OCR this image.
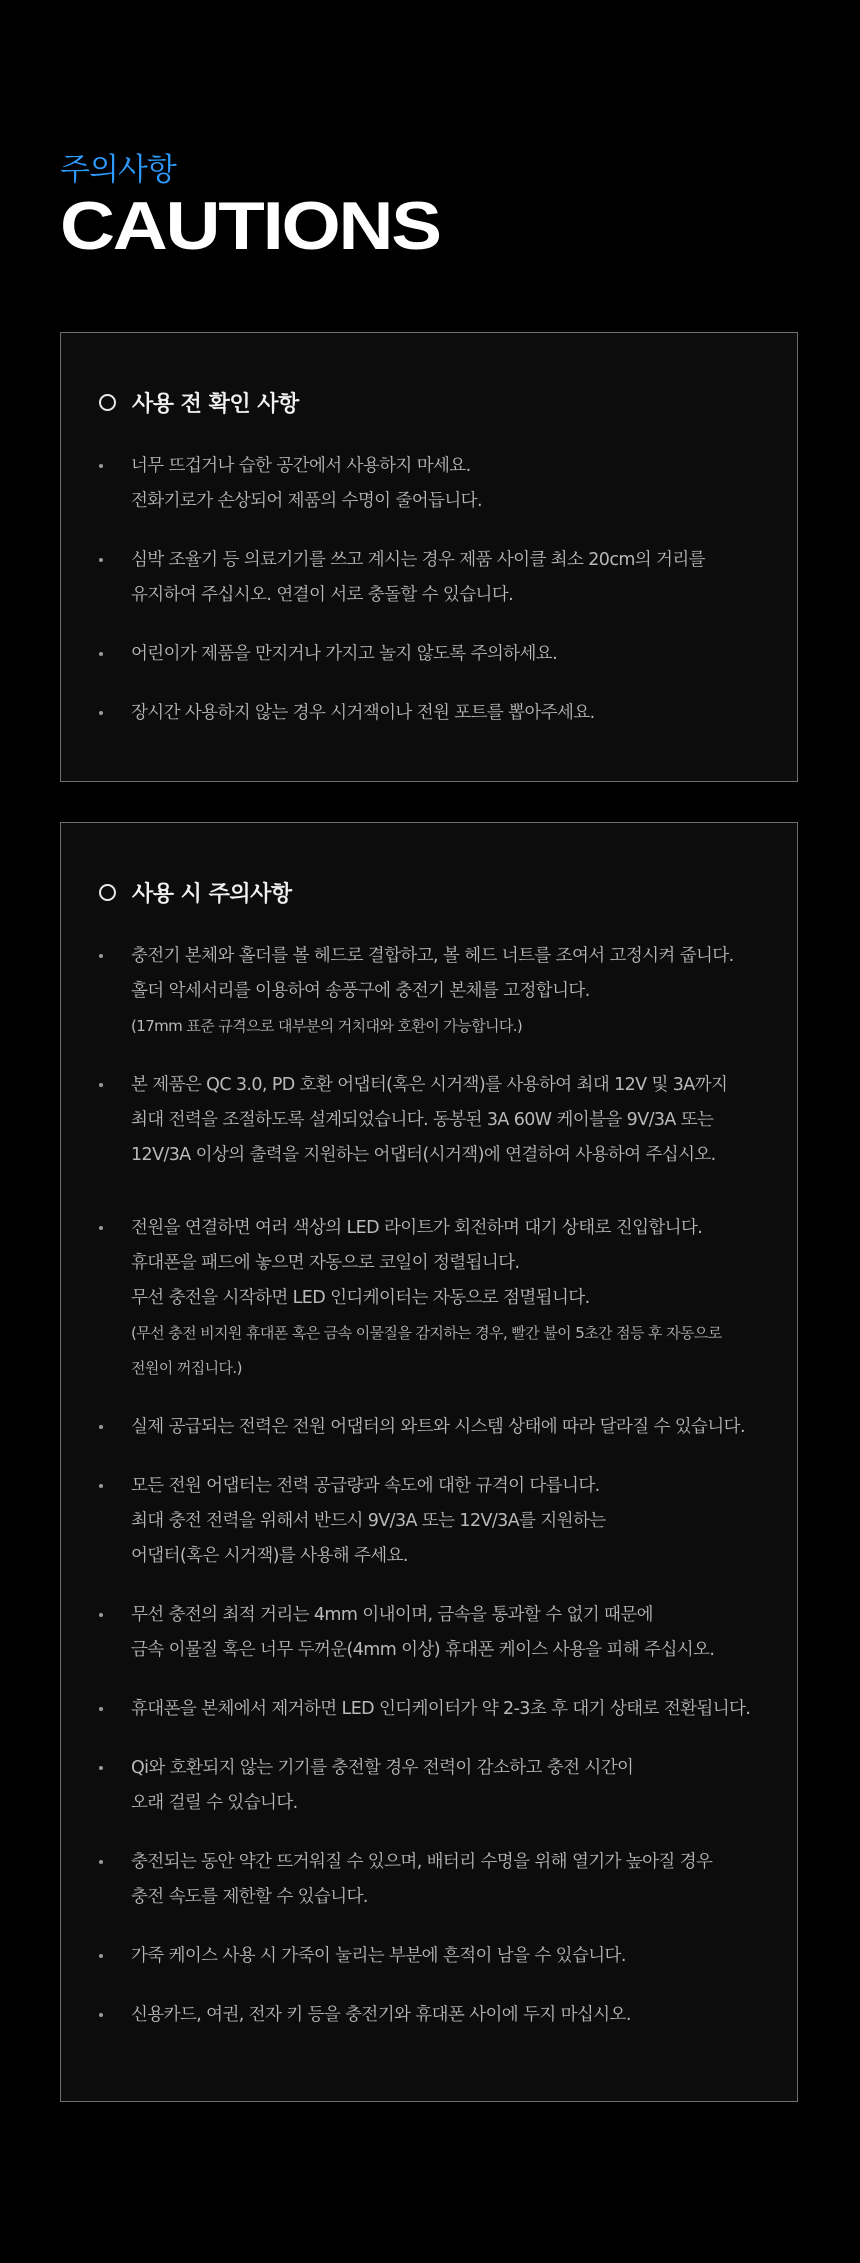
주의사항
CAUTIONS
사용 전 확인 사항
너무 뜨겁거나 습한 공간에서 사용하지 마세요.
전화기로가 손상되어 제품의 수명이 줄어듭니다.
심박 조율기 등 의료기기를 쓰고 계시는 경우 제품 사이클 최소 20cm의 거리를
유지하여 주십시오. 연결이 서로 충돌할 수 있습니다.
어린이가 제품을 만지거나 가지고 놀지 않도록 주의하세요.
장시간 사용하지 않는 경우 시거잭이나 전원 포트를 뽑아주세요.
사용 시 주의사항
충전기 본체와 홀더를 볼 헤드로 결합하고, 볼 헤드 너트를 조여서 고정시켜 줍니다.
홀더 악세서리를 이용하여 송풍구에 충전기 본체를 고정합니다.
(17mm 표준 규격으로 대부분의 거치대와 호환이 가능합니다.)
본 제품은 QC 3.0, PD 호환 어댑터(혹은 시거잭)를 사용하여 최대 12V 및 3A까지
최대 전력을 조절하도록 설계되었습니다. 동봉된 3A 60W 케이블을 9V/3A 또는
12V/3A 이상의 출력을 지원하는 어댑터(시거잭)에 연결하여 사용하여 주십시오.
전원을 연결하면 여러 색상의 LED 라이트가 회전하며 대기 상태로 진입합니다.
휴대폰을 패드에 놓으면 자동으로 코일이 정렬됩니다.
무선 충전을 시작하면 LED 인디케이터는 자동으로 점멸됩니다.
(무선 충전 비지원 휴대폰 혹은 금속 이물질을 감지하는 경우, 빨간 불이 5초간 점등 후 자동으로
전원이 꺼집니다.)
실제 공급되는 전력은 전원 어댑터의 와트와 시스템 상태에 따라 달라질 수 있습니다.
모든 전원 어댑터는 전력 공급량과 속도에 대한 규격이 다릅니다.
최대 충전 전력을 위해서 반드시 9V/3A 또는 12V/3A를 지원하는
어댑터(혹은 시거잭)를 사용해 주세요.
무선 충전의 최적 거리는 4mm 이내이며, 금속을 통과할 수 없기 때문에
금속 이물질 혹은 너무 두꺼운(4mm 이상) 휴대폰 케이스 사용을 피해 주십시오.
휴대폰을 본체에서 제거하면 LED 인디케이터가 약 2-3초 후 대기 상태로 전환됩니다.
Qi와 호환되지 않는 기기를 충전할 경우 전력이 감소하고 충전 시간이
오래 걸릴 수 있습니다.
충전되는 동안 약간 뜨거워질 수 있으며, 배터리 수명을 위해 열기가 높아질 경우
충전 속도를 제한할 수 있습니다.
가죽 케이스 사용 시 가죽이 눌리는 부분에 흔적이 남을 수 있습니다.
신용카드, 여권, 전자 키 등을 충전기와 휴대폰 사이에 두지 마십시오.
